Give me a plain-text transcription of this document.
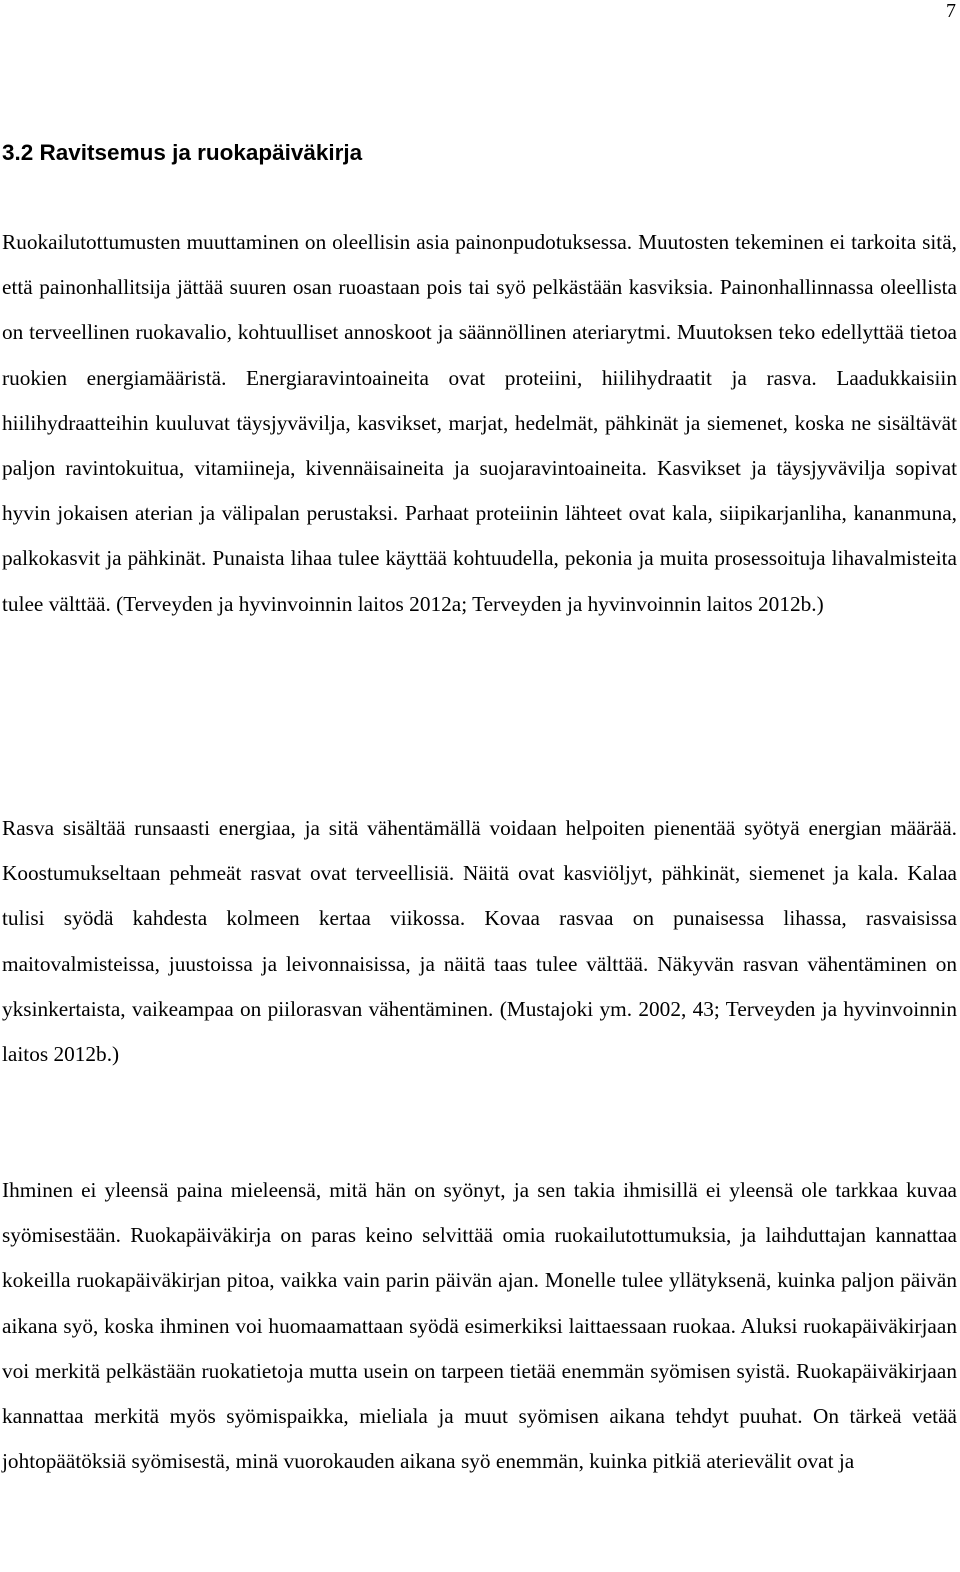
7
3.2 Ravitsemus ja ruokapäiväkirja

Ruokailutottumusten muuttaminen on oleellisin asia painonpudotuksessa. Muutosten tekeminen ei tarkoita sitä, että painonhallitsija jättää suuren osan ruoastaan pois tai syö pelkästään kasviksia. Painonhallinnassa oleellista on terveellinen ruokavalio, kohtuulliset annoskoot ja säännöllinen ateriarytmi. Muutoksen teko edellyttää tietoa ruokien energiamääristä. Energiaravintoaineita ovat proteiini, hiilihydraatit ja rasva. Laadukkaisiin hiilihydraatteihin kuuluvat täysjyvävilja, kasvikset, marjat, hedelmät, pähkinät ja siemenet, koska ne sisältävät paljon ravintokuitua, vitamiineja, kivennäisaineita ja suojaravintoaineita. Kasvikset ja täysjyvävilja sopivat hyvin jokaisen aterian ja välipalan perustaksi. Parhaat proteiinin lähteet ovat kala, siipikarjanliha, kananmuna, palkokasvit ja pähkinät. Punaista lihaa tulee käyttää kohtuudella, pekonia ja muita prosessoituja lihavalmisteita tulee välttää. (Terveyden ja hyvinvoinnin laitos 2012a; Terveyden ja hyvinvoinnin laitos 2012b.)

Rasva sisältää runsaasti energiaa, ja sitä vähentämällä voidaan helpoiten pienentää syötyä energian määrää. Koostumukseltaan pehmeät rasvat ovat terveellisiä. Näitä ovat kasviöljyt, pähkinät, siemenet ja kala. Kalaa tulisi syödä kahdesta kolmeen kertaa viikossa. Kovaa rasvaa on punaisessa lihassa, rasvaisissa maitovalmisteissa, juustoissa ja leivonnaisissa, ja näitä taas tulee välttää. Näkyvän rasvan vähentäminen on yksinkertaista, vaikeampaa on piilorasvan vähentäminen. (Mustajoki ym. 2002, 43; Terveyden ja hyvinvoinnin laitos 2012b.)

Ihminen ei yleensä paina mieleensä, mitä hän on syönyt, ja sen takia ihmisillä ei yleensä ole tarkkaa kuvaa syömisestään. Ruokapäiväkirja on paras keino selvittää omia ruokailutottumuksia, ja laihduttajan kannattaa kokeilla ruokapäiväkirjan pitoa, vaikka vain parin päivän ajan. Monelle tulee yllätyksenä, kuinka paljon päivän aikana syö, koska ihminen voi huomaamattaan syödä esimerkiksi laittaessaan ruokaa. Aluksi ruokapäiväkirjaan voi merkitä pelkästään ruokatietoja mutta usein on tarpeen tietää enemmän syömisen syistä. Ruokapäiväkirjaan kannattaa merkitä myös syömispaikka, mieliala ja muut syömisen aikana tehdyt puuhat. On tärkeä vetää johtopäätöksiä syömisestä, minä vuorokauden aikana syö enemmän, kuinka pitkiä aterievälit ovat ja
